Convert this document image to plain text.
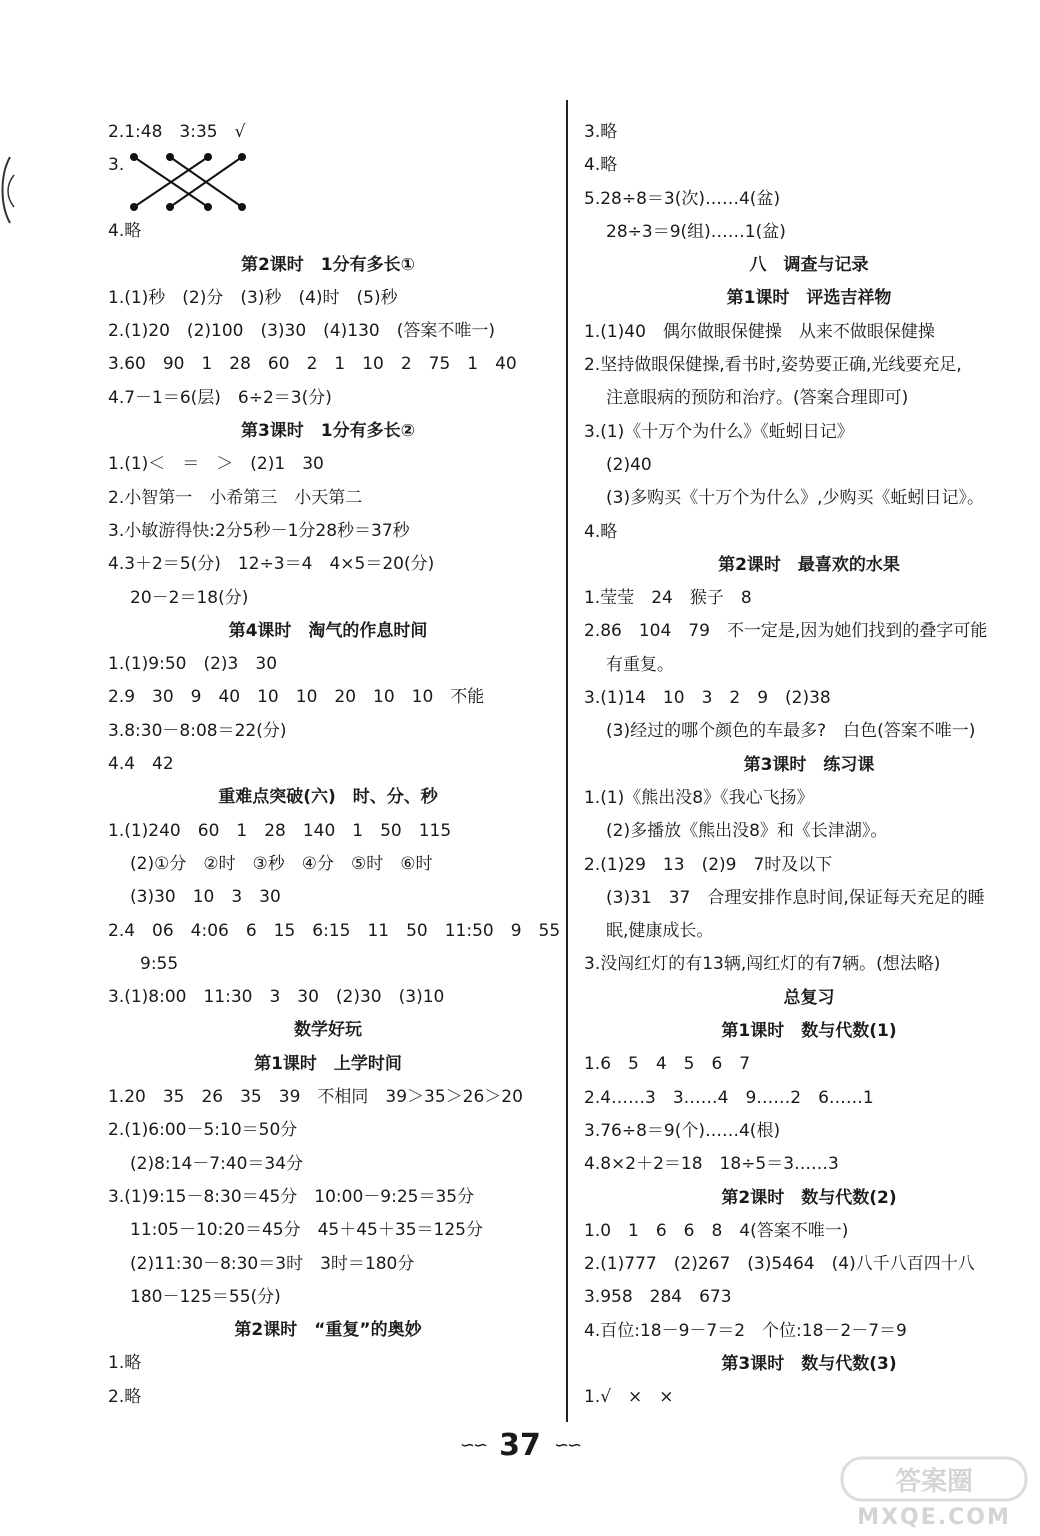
2.1:48　3:35　√
3.
4.略
第2课时　1分有多长①
1.(1)秒　(2)分　(3)秒　(4)时　(5)秒
2.(1)20　(2)100　(3)30　(4)130　(答案不唯一)
3.60　90　1　28　60　2　1　10　2　75　1　40
4.7－1＝6(层)　6÷2＝3(分)
第3课时　1分有多长②
1.(1)＜　＝　＞　(2)1　30
2.小智第一　小希第三　小天第二
3.小敏游得快:2分5秒－1分28秒＝37秒
4.3＋2＝5(分)　12÷3＝4　4×5＝20(分)
20－2＝18(分)
第4课时　淘气的作息时间
1.(1)9:50　(2)3　30
2.9　30　9　40　10　10　20　10　10　不能
3.8:30－8:08＝22(分)
4.4　42
重难点突破(六)　时、分、秒
1.(1)240　60　1　28　140　1　50　115
(2)①分　②时　③秒　④分　⑤时　⑥时
(3)30　10　3　30
2.4　06　4:06　6　15　6:15　11　50　11:50　9　55
9:55
3.(1)8:00　11:30　3　30　(2)30　(3)10
数学好玩
第1课时　上学时间
1.20　35　26　35　39　不相同　39＞35＞26＞20
2.(1)6:00－5:10＝50分
(2)8:14－7:40＝34分
3.(1)9:15－8:30＝45分　10:00－9:25＝35分
11:05－10:20＝45分　45＋45＋35＝125分
(2)11:30－8:30＝3时　3时＝180分
180－125＝55(分)
第2课时　“重复”的奥妙
1.略
2.略
3.略
4.略
5.28÷8＝3(次)……4(盆)
28÷3＝9(组)……1(盆)
八　调查与记录
第1课时　评选吉祥物
1.(1)40　偶尔做眼保健操　从来不做眼保健操
2.坚持做眼保健操,看书时,姿势要正确,光线要充足,
注意眼病的预防和治疗。(答案合理即可)
3.(1)《十万个为什么》《蚯蚓日记》
(2)40
(3)多购买《十万个为什么》,少购买《蚯蚓日记》。
4.略
第2课时　最喜欢的水果
1.莹莹　24　猴子　8
2.86　104　79　不一定是,因为她们找到的叠字可能
有重复。
3.(1)14　10　3　2　9　(2)38
(3)经过的哪个颜色的车最多?　白色(答案不唯一)
第3课时　练习课
1.(1)《熊出没8》《我心飞扬》
(2)多播放《熊出没8》和《长津湖》。
2.(1)29　13　(2)9　7时及以下
(3)31　37　合理安排作息时间,保证每天充足的睡
眠,健康成长。
3.没闯红灯的有13辆,闯红灯的有7辆。(想法略)
总复习
第1课时　数与代数(1)
1.6　5　4　5　6　7
2.4……3　3……4　9……2　6……1
3.76÷8＝9(个)……4(根)
4.8×2＋2＝18　18÷5＝3……3
第2课时　数与代数(2)
1.0　1　6　6　8　4(答案不唯一)
2.(1)777　(2)267　(3)5464　(4)八千八百四十八
3.958　284　673
4.百位:18－9－7＝2　个位:18－2－7＝9
第3课时　数与代数(3)
1.√　×　×
∽∽ 37 ∽∽
答案圈
MXQE.COM
